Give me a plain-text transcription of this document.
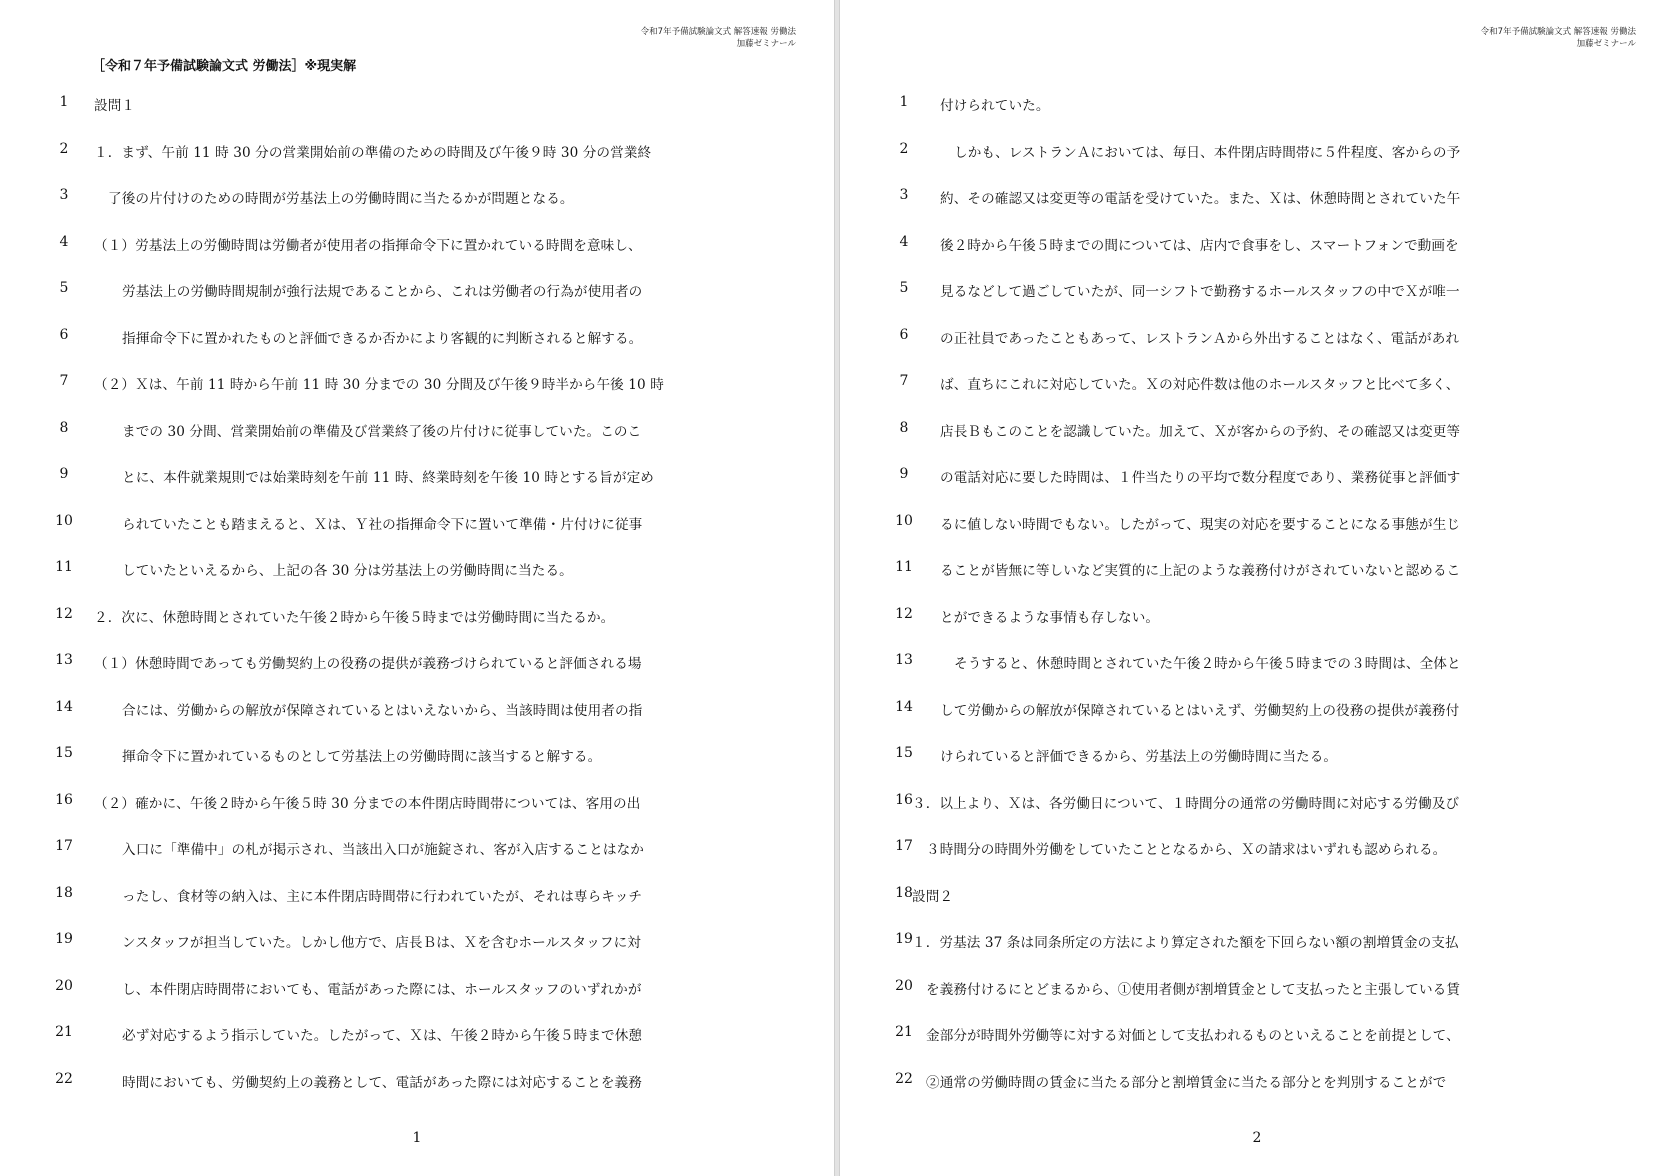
令和7年予備試験論文式 解答速報 労働法
加藤ゼミナール
［令和７年予備試験論文式 労働法］※現実解
1	設問１
2	１．まず、午前 11 時 30 分の営業開始前の準備のための時間及び午後９時 30 分の営業終
3	了後の片付けのための時間が労基法上の労働時間に当たるかが問題となる。
4	（１）労基法上の労働時間は労働者が使用者の指揮命令下に置かれている時間を意味し、
5	労基法上の労働時間規制が強行法規であることから、これは労働者の行為が使用者の
6	指揮命令下に置かれたものと評価できるか否かにより客観的に判断されると解する。
7	（２）Ｘは、午前 11 時から午前 11 時 30 分までの 30 分間及び午後９時半から午後 10 時
8	までの 30 分間、営業開始前の準備及び営業終了後の片付けに従事していた。このこ
9	とに、本件就業規則では始業時刻を午前 11 時、終業時刻を午後 10 時とする旨が定め
10	られていたことも踏まえると、Ｘは、Ｙ社の指揮命令下に置いて準備・片付けに従事
11	していたといえるから、上記の各 30 分は労基法上の労働時間に当たる。
12	２．次に、休憩時間とされていた午後２時から午後５時までは労働時間に当たるか。
13	（１）休憩時間であっても労働契約上の役務の提供が義務づけられていると評価される場
14	合には、労働からの解放が保障されているとはいえないから、当該時間は使用者の指
15	揮命令下に置かれているものとして労基法上の労働時間に該当すると解する。
16	（２）確かに、午後２時から午後５時 30 分までの本件閉店時間帯については、客用の出
17	入口に「準備中」の札が掲示され、当該出入口が施錠され、客が入店することはなか
18	ったし、食材等の納入は、主に本件閉店時間帯に行われていたが、それは専らキッチ
19	ンスタッフが担当していた。しかし他方で、店長Ｂは、Ｘを含むホールスタッフに対
20	し、本件閉店時間帯においても、電話があった際には、ホールスタッフのいずれかが
21	必ず対応するよう指示していた。したがって、Ｘは、午後２時から午後５時まで休憩
22	時間においても、労働契約上の義務として、電話があった際には対応することを義務
1
令和7年予備試験論文式 解答速報 労働法
加藤ゼミナール
1	付けられていた。
2	しかも、レストランＡにおいては、毎日、本件閉店時間帯に５件程度、客からの予
3	約、その確認又は変更等の電話を受けていた。また、Ｘは、休憩時間とされていた午
4	後２時から午後５時までの間については、店内で食事をし、スマートフォンで動画を
5	見るなどして過ごしていたが、同一シフトで勤務するホールスタッフの中でＸが唯一
6	の正社員であったこともあって、レストランＡから外出することはなく、電話があれ
7	ば、直ちにこれに対応していた。Ｘの対応件数は他のホールスタッフと比べて多く、
8	店長Ｂもこのことを認識していた。加えて、Ｘが客からの予約、その確認又は変更等
9	の電話対応に要した時間は、１件当たりの平均で数分程度であり、業務従事と評価す
10	るに値しない時間でもない。したがって、現実の対応を要することになる事態が生じ
11	ることが皆無に等しいなど実質的に上記のような義務付けがされていないと認めるこ
12	とができるような事情も存しない。
13	そうすると、休憩時間とされていた午後２時から午後５時までの３時間は、全体と
14	して労働からの解放が保障されているとはいえず、労働契約上の役務の提供が義務付
15	けられていると評価できるから、労基法上の労働時間に当たる。
16 ３．以上より、Ｘは、各労働日について、１時間分の通常の労働時間に対応する労働及び
17 ３時間分の時間外労働をしていたこととなるから、Ｘの請求はいずれも認められる。
18 設問２
19 １．労基法 37 条は同条所定の方法により算定された額を下回らない額の割増賃金の支払
20 を義務付けるにとどまるから、①使用者側が割増賃金として支払ったと主張している賃
21 金部分が時間外労働等に対する対価として支払われるものといえることを前提として、
22 ②通常の労働時間の賃金に当たる部分と割増賃金に当たる部分とを判別することがで
2
